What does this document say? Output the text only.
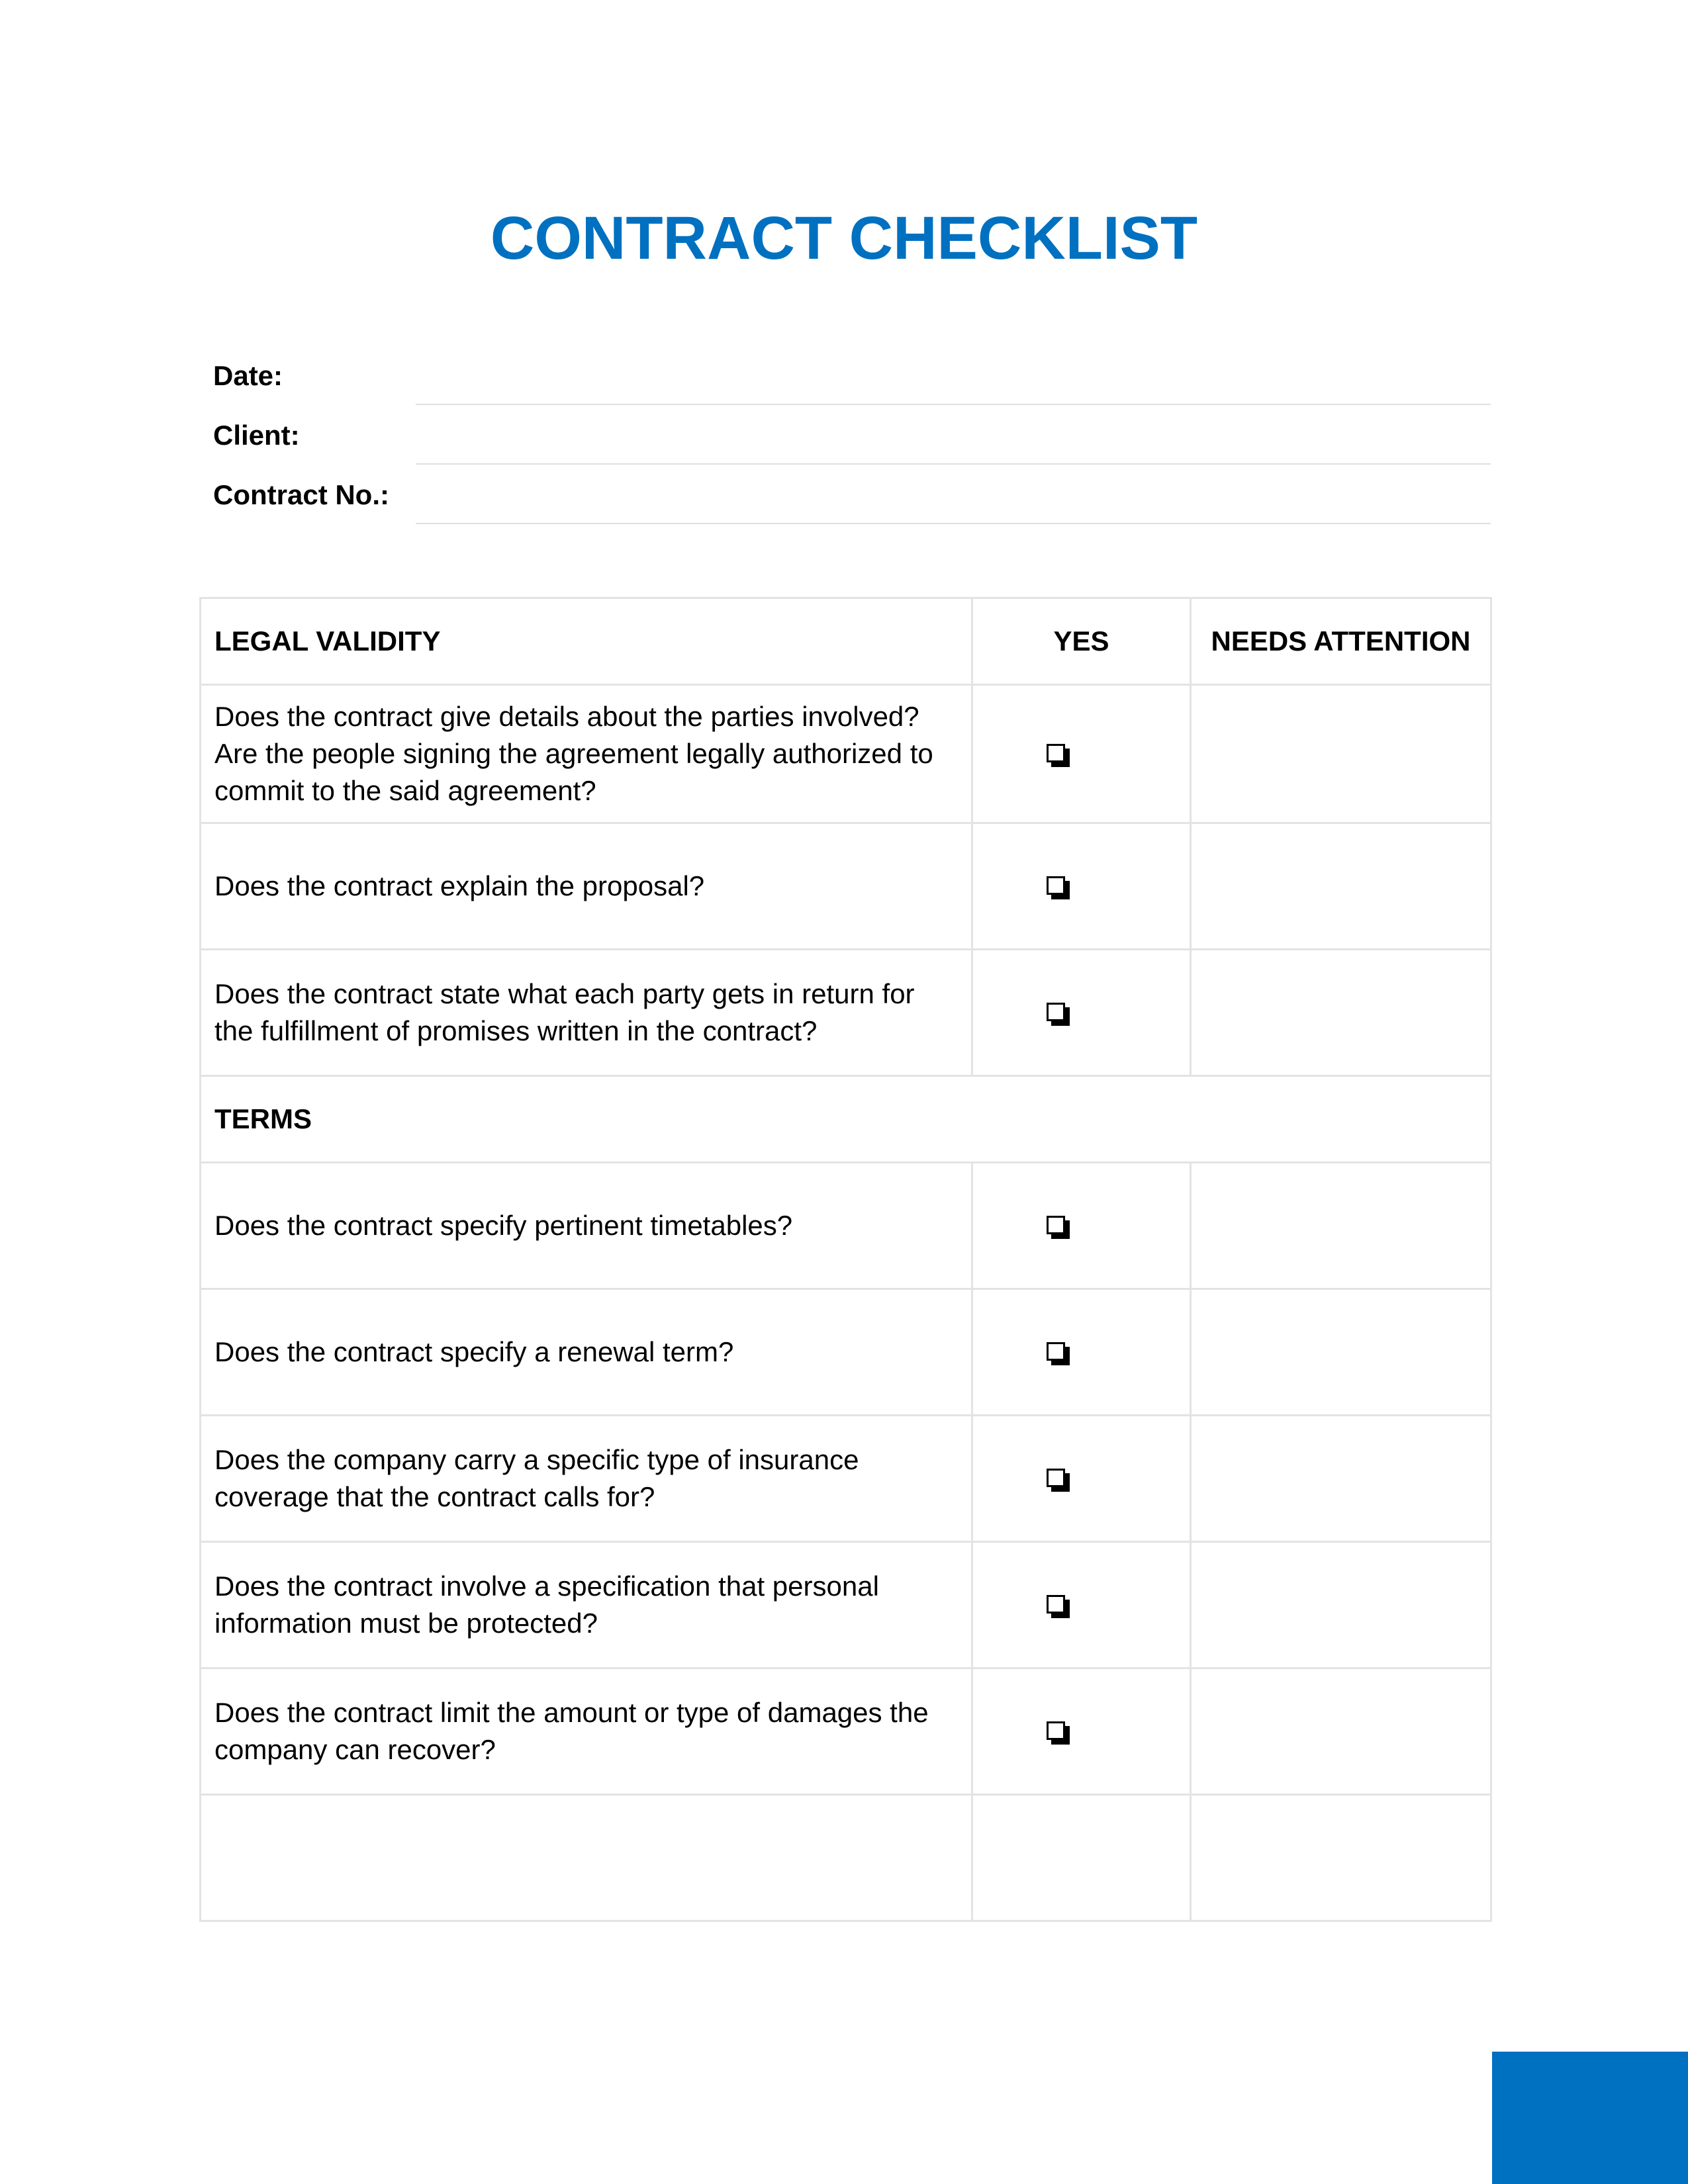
CONTRACT CHECKLIST
Date:
Client:
Contract No.:
LEGAL VALIDITY	YES	NEEDS ATTENTION
Does the contract give details about the parties involved? Are the people signing the agreement legally authorized to commit to the said agreement?		
Does the contract explain the proposal?		
Does the contract state what each party gets in return for the fulfillment of promises written in the contract?		
TERMS		
Does the contract specify pertinent timetables?		
Does the contract specify a renewal term?		
Does the company carry a specific type of insurance coverage that the contract calls for?		
Does the contract involve a specification that personal information must be protected?		
Does the contract limit the amount or type of damages the company can recover?		
